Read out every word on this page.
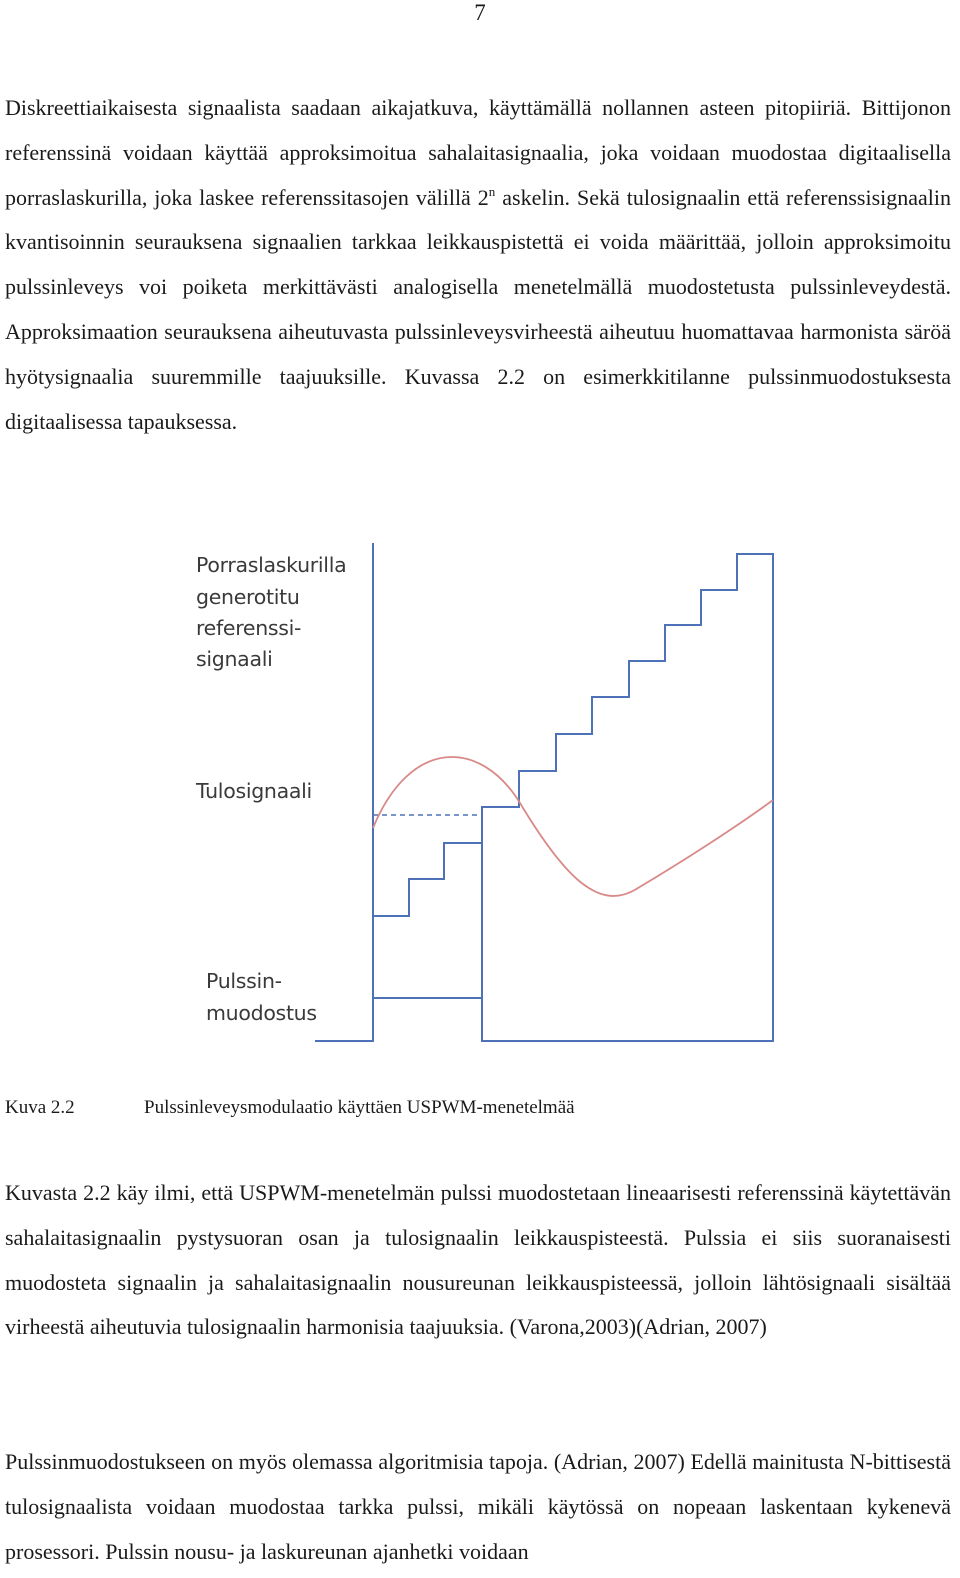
7

Diskreettiaikaisesta signaalista saadaan aikajatkuva, käyttämällä nollannen asteen pitopiiriä. Bittijonon referenssinä voidaan käyttää approksimoitua sahalaitasignaalia, joka voidaan muodostaa digitaalisella porraslaskurilla, joka laskee referenssitasojen välillä 2$^n$ askelin. Sekä tulosignaalin että referenssisignaalin kvantisoinnin seurauksena signaalien tarkkaa leikkauspistettä ei voida määrittää, jolloin approksimoitu pulssinleveys voi poiketa merkittävästi analogisella menetelmällä muodostetusta pulssinleveydestä. Approksimaation seurauksena aiheutuvasta pulssinleveysvirheestä aiheutuu huomattavaa harmonista säröä hyötysignaalia suuremmille taajuuksille. Kuvassa 2.2 on esimerkkitilanne pulssinmuodostuksesta digitaalisessa tapauksessa.

Porraslaskurilla
generotitu
referenssi-
signaali
Tulosignaali
Pulssin-
muodostus
Kuva 2.2	Pulssinleveysmodulaatio käyttäen USPWM-menetelmää

Kuvasta 2.2 käy ilmi, että USPWM-menetelmän pulssi muodostetaan lineaarisesti referenssinä käytettävän sahalaitasignaalin pystysuoran osan ja tulosignaalin leikkauspisteestä. Pulssia ei siis suoranaisesti muodosteta signaalin ja sahalaitasignaalin nousureunan leikkauspisteessä, jolloin lähtösignaali sisältää virheestä aiheutuvia tulosignaalin harmonisia taajuuksia. (Varona,2003)(Adrian, 2007)

Pulssinmuodostukseen on myös olemassa algoritmisia tapoja. (Adrian, 2007) Edellä mainitusta N-bittisestä tulosignaalista voidaan muodostaa tarkka pulssi, mikäli käytössä on nopeaan laskentaan kykenevä prosessori. Pulssin nousu- ja laskureunan ajanhetki voidaan
